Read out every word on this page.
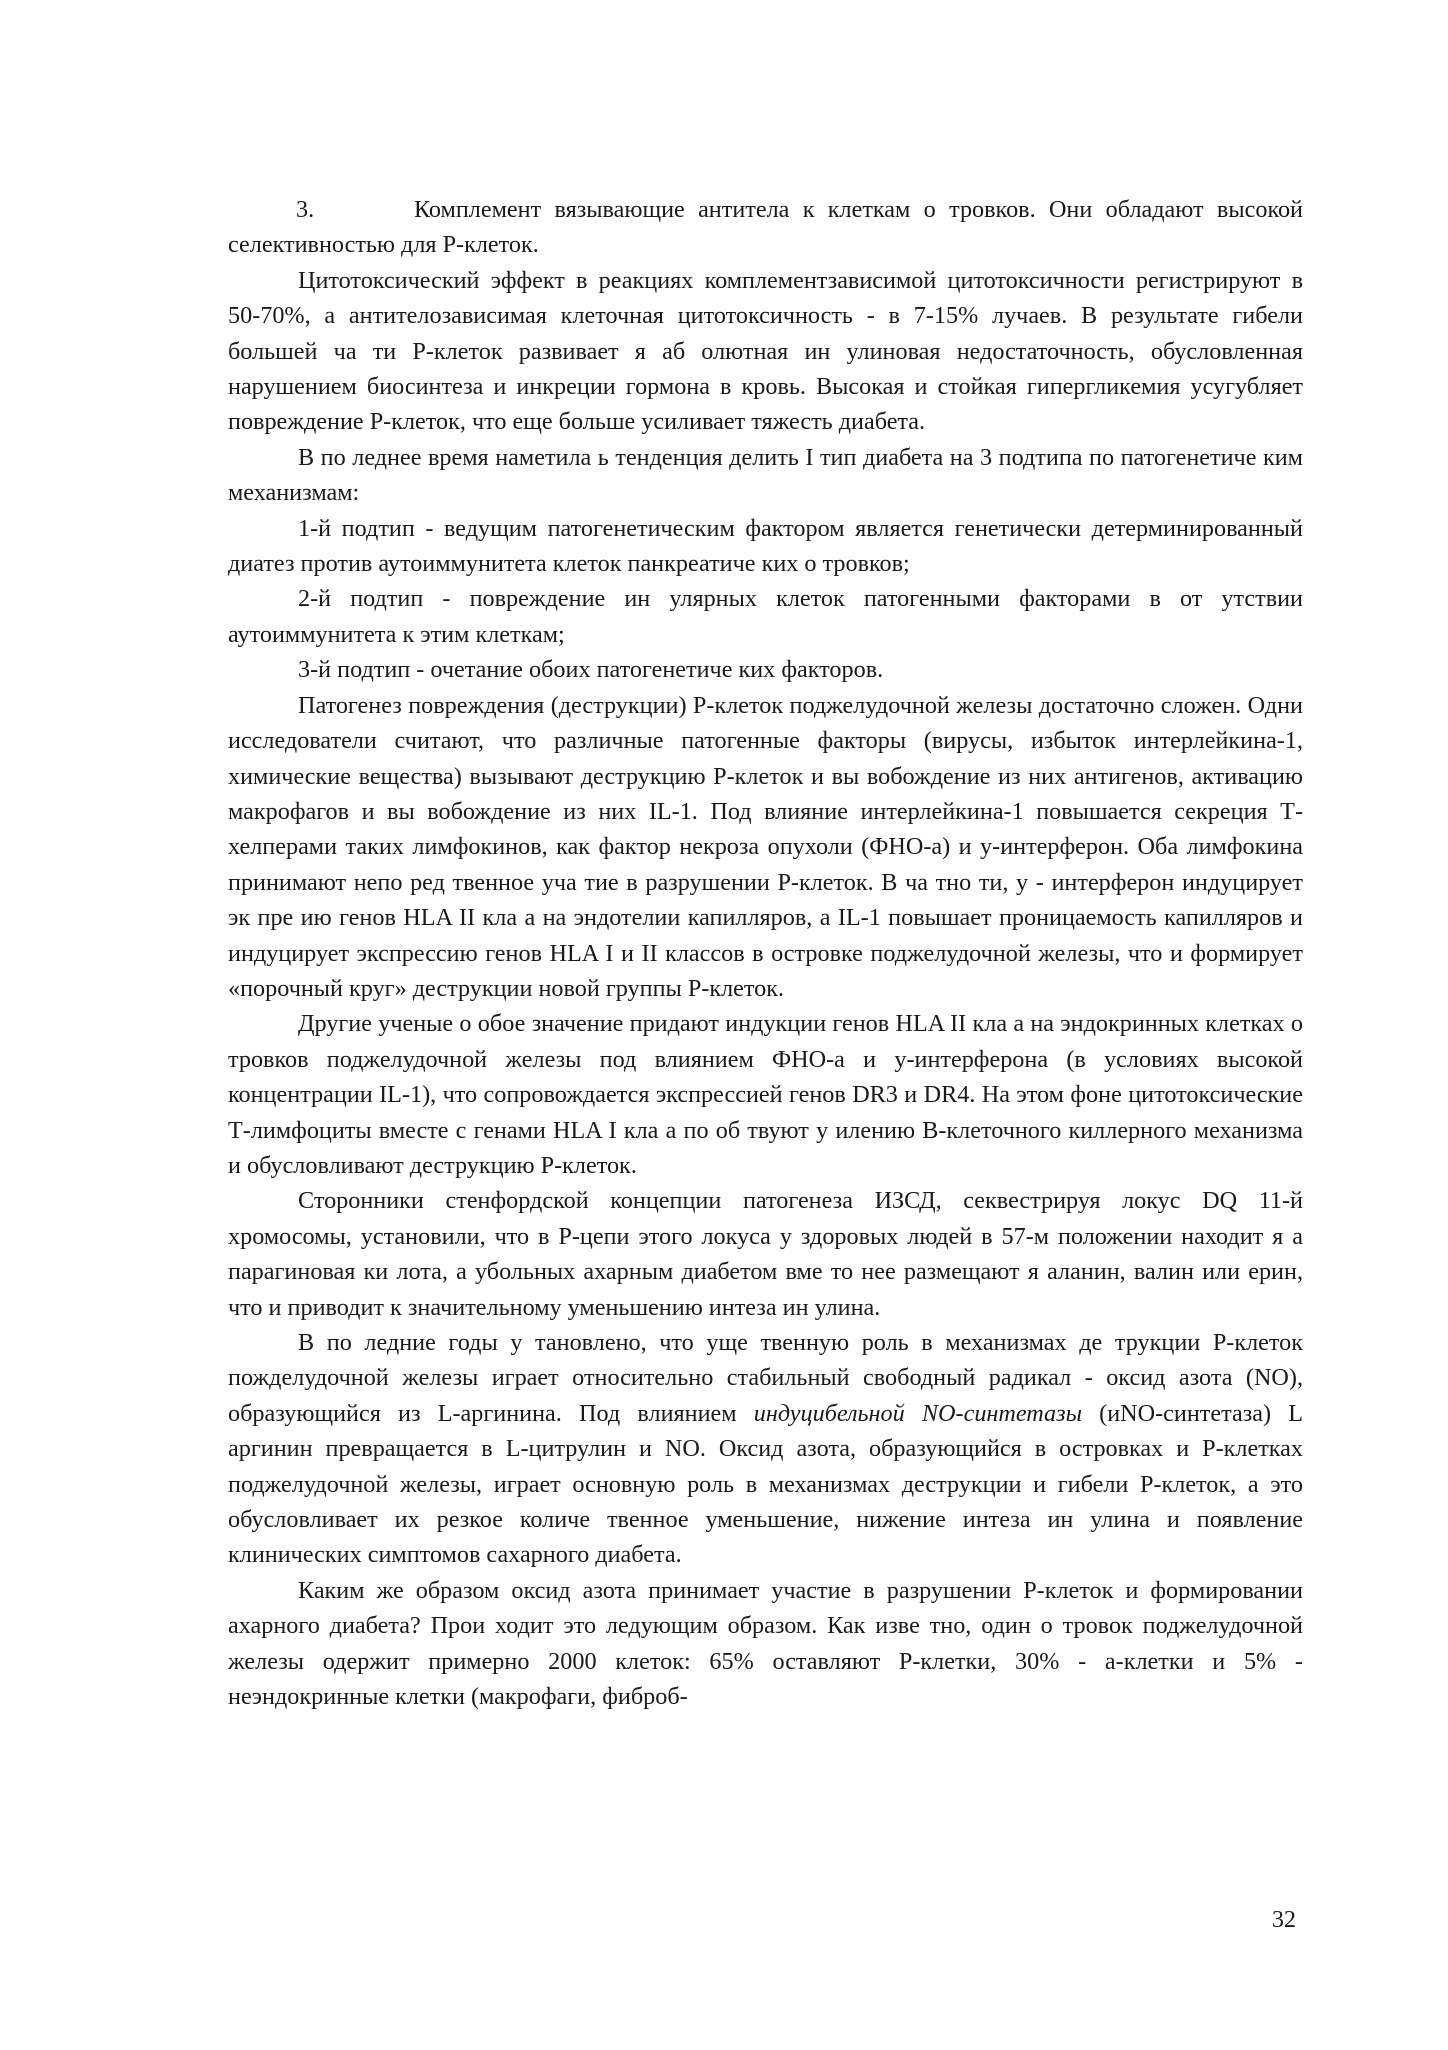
3.	Комплемент вязывающие антитела к клеткам о тровков. Они обладают высокой селективностью для Р-клеток.

Цитотоксический эффект в реакциях комплементзависимой цитотоксичности регистрируют в 50-70%, а антителозависимая клеточная цитотоксичность - в 7-15% лучаев. В результате гибели большей ча ти Р-клеток развивает я аб олютная ин улиновая недостаточность, обусловленная нарушением биосинтеза и инкреции гормона в кровь. Высокая и стойкая гипергликемия усугубляет повреждение Р-клеток, что еще больше усиливает тяжесть диабета.

В по леднее время наметила ь тенденция делить I тип диабета на 3 подтипа по патогенетиче ким механизмам:

1-й подтип - ведущим патогенетическим фактором является генетически детерминированный диатез против аутоиммунитета клеток панкреатиче ких о тровков;

2-й подтип - повреждение ин улярных клеток патогенными факторами в от утствии аутоиммунитета к этим клеткам;

3-й подтип - очетание обоих патогенетиче ких факторов.

Патогенез повреждения (деструкции) Р-клеток поджелудочной железы достаточно сложен. Одни исследователи считают, что различные патогенные факторы (вирусы, избыток интерлейкина-1, химические вещества) вызывают деструкцию Р-клеток и вы вобождение из них антигенов, активацию макрофагов и вы вобождение из них IL-1. Под влияние интерлейкина-1 повышается секреция Т-хелперами таких лимфокинов, как фактор некроза опухоли (ФНО-а) и у-интерферон. Оба лимфокина принимают непо ред твенное уча тие в разрушении Р-клеток. В ча тно ти, у - интерферон индуцирует эк пре ию генов HLA II кла а на эндотелии капилляров, а IL-1 повышает проницаемость капилляров и индуцирует экспрессию генов HLA I и II классов в островке поджелудочной железы, что и формирует «порочный круг» деструкции новой группы Р-клеток.

Другие ученые о обое значение придают индукции генов HLA II кла а на эндокринных клетках о тровков поджелудочной железы под влиянием ФНО-а и у-интерферона (в условиях высокой концентрации IL-1), что сопровождается экспрессией генов DR3 и DR4. На этом фоне цитотоксические Т-лимфоциты вместе с генами HLA I кла а по об твуют у илению В-клеточного киллерного механизма и обусловливают деструкцию Р-клеток.

Сторонники стенфордской концепции патогенеза ИЗСД, секвестрируя локус DQ 11-й хромосомы, установили, что в Р-цепи этого локуса у здоровых людей в 57-м положении находит я а парагиновая ки лота, а убольных ахарным диабетом вме то нее размещают я аланин, валин или ерин, что и приводит к значительному уменьшению интеза ин улина.

В по ледние годы у тановлено, что уще твенную роль в механизмах де трукции Р-клеток пожделудочной железы играет относительно стабильный свободный радикал - оксид азота (NO), образующийся из L-аргинина. Под влиянием индуцибельной NO-синтетазы (иNO-синтетаза) L аргинин превращается в L-цитрулин и NO. Оксид азота, образующийся в островках и Р-клетках поджелудочной железы, играет основную роль в механизмах деструкции и гибели Р-клеток, а это обусловливает их резкое количе твенное уменьшение, нижение интеза ин улина и появление клинических симптомов сахарного диабета.

Каким же образом оксид азота принимает участие в разрушении Р-клеток и формировании ахарного диабета? Прои ходит это ледующим образом. Как изве тно, один о тровок поджелудочной железы одержит примерно 2000 клеток: 65% оставляют Р-клетки, 30% - а-клетки и 5% - неэндокринные клетки (макрофаги, фиброб-

32
